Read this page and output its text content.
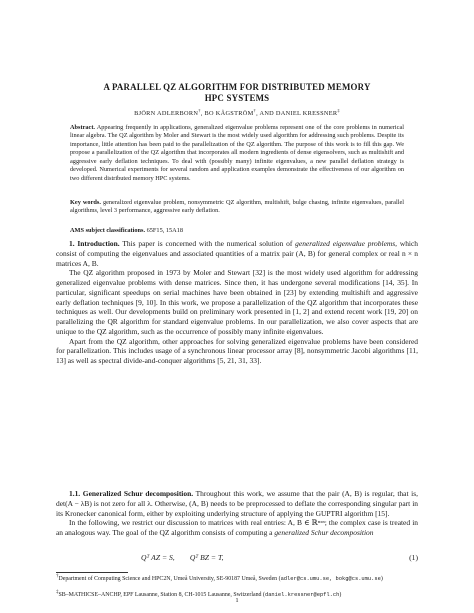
A PARALLEL QZ ALGORITHM FOR DISTRIBUTED MEMORY
HPC SYSTEMS
BJÖRN ADLERBORN†, BO KÅGSTRÖM†, AND DANIEL KRESSNER‡
Abstract. Appearing frequently in applications, generalized eigenvalue problems represent one of the core problems in numerical linear algebra. The QZ algorithm by Moler and Stewart is the most widely used algorithm for addressing such problems. Despite its importance, little attention has been paid to the parallelization of the QZ algorithm. The purpose of this work is to fill this gap. We propose a parallelization of the QZ algorithm that incorporates all modern ingredients of dense eigensolvers, such as multishift and aggressive early deflation techniques. To deal with (possibly many) infinite eigenvalues, a new parallel deflation strategy is developed. Numerical experiments for several random and application examples demonstrate the effectiveness of our algorithm on two different distributed memory HPC systems.
Key words. generalized eigenvalue problem, nonsymmetric QZ algorithm, multishift, bulge chasing, infinite eigenvalues, parallel algorithms, level 3 performance, aggressive early deflation.
AMS subject classifications. 65F15, 15A18

1. Introduction. This paper is concerned with the numerical solution of generalized eigenvalue problems, which consist of computing the eigenvalues and associated quantities of a matrix pair (A, B) for general complex or real n × n matrices A, B.

The QZ algorithm proposed in 1973 by Moler and Stewart [32] is the most widely used algorithm for addressing generalized eigenvalue problems with dense matrices. Since then, it has undergone several modifications [14, 35]. In particular, significant speedups on serial machines have been obtained in [23] by extending multishift and aggressive early deflation techniques [9, 10]. In this work, we propose a parallelization of the QZ algorithm that incorporates these techniques as well. Our developments build on preliminary work presented in [1, 2] and extend recent work [19, 20] on parallelizing the QR algorithm for standard eigenvalue problems. In our parallelization, we also cover aspects that are unique to the QZ algorithm, such as the occurrence of possibly many infinite eigenvalues.

Apart from the QZ algorithm, other approaches for solving generalized eigenvalue problems have been considered for parallelization. This includes usage of a synchronous linear processor array [8], nonsymmetric Jacobi algorithms [11, 13] as well as spectral divide-and-conquer algorithms [5, 21, 31, 33].

1.1. Generalized Schur decomposition. Throughout this work, we assume that the pair (A, B) is regular, that is, det(A − λB) is not zero for all λ. Otherwise, (A, B) needs to be preprocessed to deflate the corresponding singular part in its Kronecker canonical form, either by exploiting underlying structure of applying the GUPTRI algorithm [15].

In the following, we restrict our discussion to matrices with real entries: A, B ∈ ℝⁿˣⁿ; the complex case is treated in an analogous way. The goal of the QZ algorithm consists of computing a generalized Schur decomposition

Qᵀ AZ = S,        Qᵀ BZ = T,	(1)
†Department of Computing Science and HPC2N, Umeå University, SE-90187 Umeå, Sweden (adler@cs.umu.se, bokg@cs.umu.se)
‡SB–MATHICSE–ANCHP, EPF Lausanne, Station 8, CH-1015 Lausanne, Switzerland (daniel.kressner@epfl.ch)
1
